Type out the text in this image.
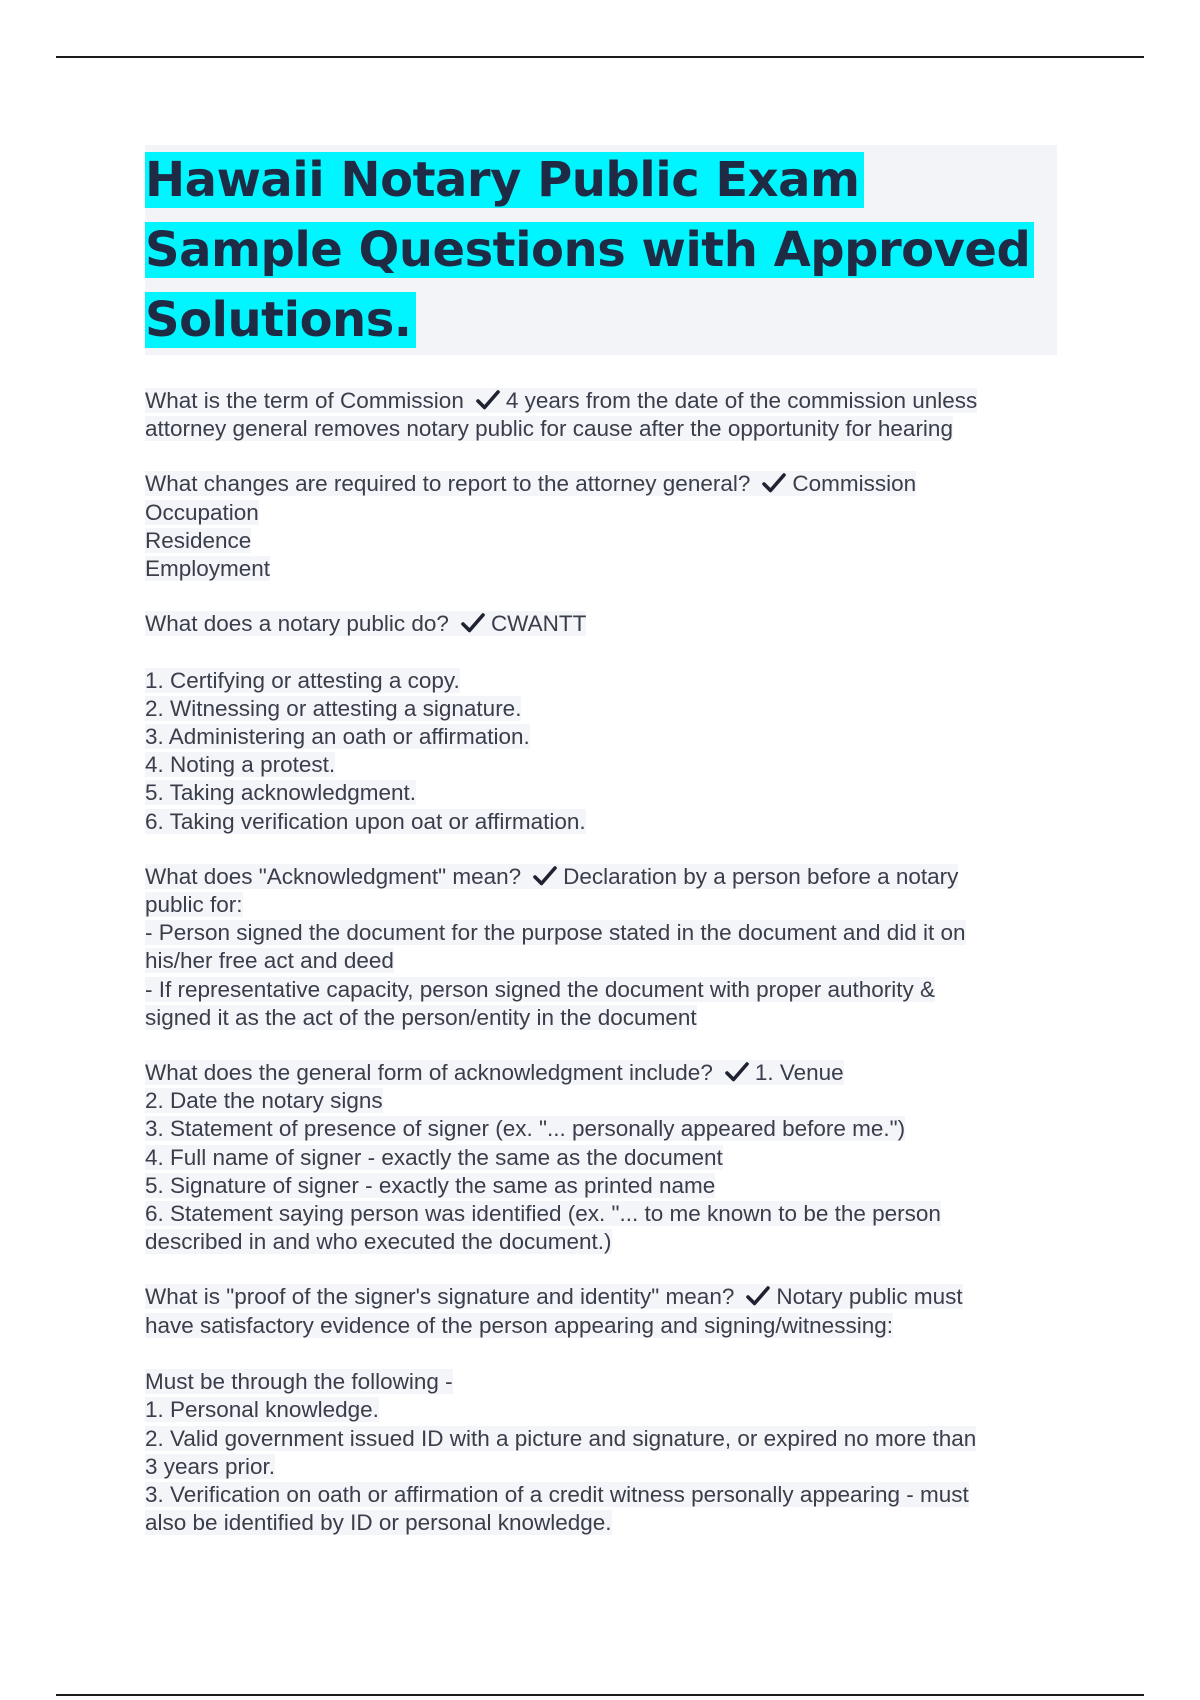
Hawaii Notary Public Exam Sample Questions with Approved Solutions.
What is the term of Commission 4 years from the date of the commission unless
attorney general removes notary public for cause after the opportunity for hearing
What changes are required to report to the attorney general? Commission
Occupation
Residence
Employment
What does a notary public do? CWANTT

1. Certifying or attesting a copy.
2. Witnessing or attesting a signature.
3. Administering an oath or affirmation.
4. Noting a protest.
5. Taking acknowledgment.
6. Taking verification upon oat or affirmation.
What does "Acknowledgment" mean? Declaration by a person before a notary
public for:
- Person signed the document for the purpose stated in the document and did it on
his/her free act and deed
- If representative capacity, person signed the document with proper authority &
signed it as the act of the person/entity in the document
What does the general form of acknowledgment include? 1. Venue
2. Date the notary signs
3. Statement of presence of signer (ex. "... personally appeared before me.")
4. Full name of signer - exactly the same as the document
5. Signature of signer - exactly the same as printed name
6. Statement saying person was identified (ex. "... to me known to be the person
described in and who executed the document.)
What is "proof of the signer's signature and identity" mean? Notary public must
have satisfactory evidence of the person appearing and signing/witnessing:

Must be through the following -
1. Personal knowledge.
2. Valid government issued ID with a picture and signature, or expired no more than
3 years prior.
3. Verification on oath or affirmation of a credit witness personally appearing - must
also be identified by ID or personal knowledge.
